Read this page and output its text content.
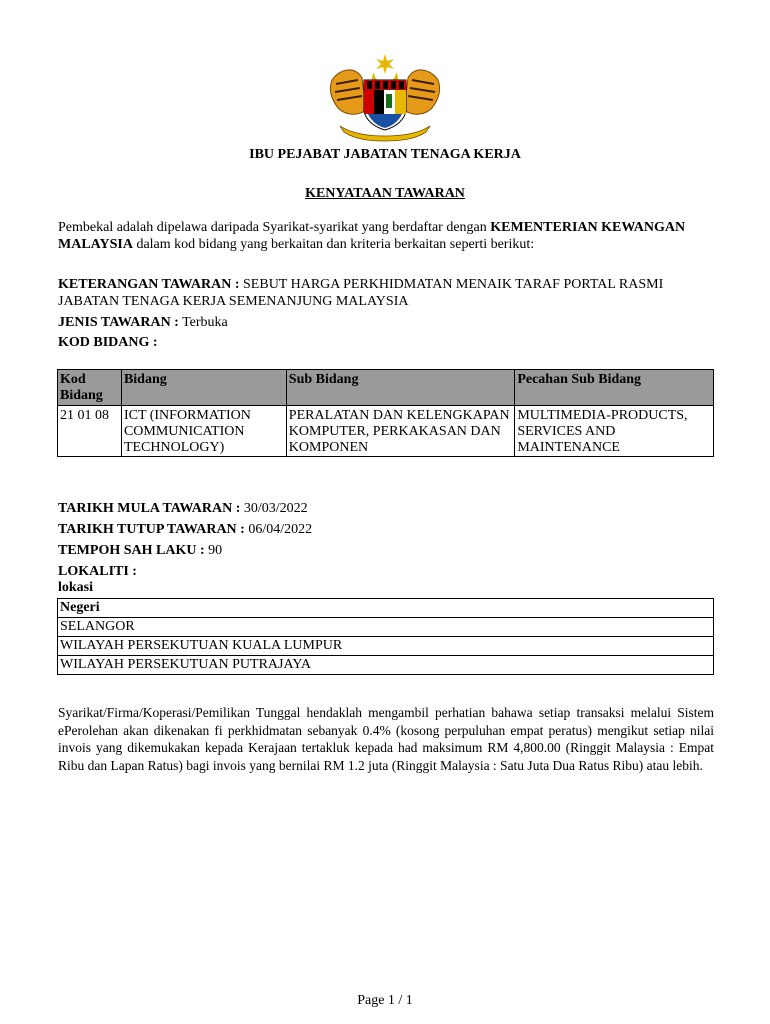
IBU PEJABAT JABATAN TENAGA KERJA
KENYATAAN TAWARAN
Pembekal adalah dipelawa daripada Syarikat-syarikat yang berdaftar dengan KEMENTERIAN KEWANGAN MALAYSIA dalam kod bidang yang berkaitan dan kriteria berkaitan seperti berikut:
KETERANGAN TAWARAN : SEBUT HARGA PERKHIDMATAN MENAIK TARAF PORTAL RASMI JABATAN TENAGA KERJA SEMENANJUNG MALAYSIA
JENIS TAWARAN : Terbuka
KOD BIDANG :
Kod Bidang	Bidang	Sub Bidang	Pecahan Sub Bidang
21 01 08	ICT (INFORMATION COMMUNICATION TECHNOLOGY)	PERALATAN DAN KELENGKAPAN KOMPUTER, PERKAKASAN DAN KOMPONEN	MULTIMEDIA-PRODUCTS, SERVICES AND MAINTENANCE
TARIKH MULA TAWARAN : 30/03/2022
TARIKH TUTUP TAWARAN : 06/04/2022
TEMPOH SAH LAKU : 90
LOKALITI :
lokasi
Negeri
SELANGOR
WILAYAH PERSEKUTUAN KUALA LUMPUR
WILAYAH PERSEKUTUAN PUTRAJAYA
Syarikat/Firma/Koperasi/Pemilikan Tunggal hendaklah mengambil perhatian bahawa setiap transaksi melalui Sistem ePerolehan akan dikenakan fi perkhidmatan sebanyak 0.4% (kosong perpuluhan empat peratus) mengikut setiap nilai invois yang dikemukakan kepada Kerajaan tertakluk kepada had maksimum RM 4,800.00 (Ringgit Malaysia : Empat Ribu dan Lapan Ratus) bagi invois yang bernilai RM 1.2 juta (Ringgit Malaysia : Satu Juta Dua Ratus Ribu) atau lebih.
Page 1 / 1
